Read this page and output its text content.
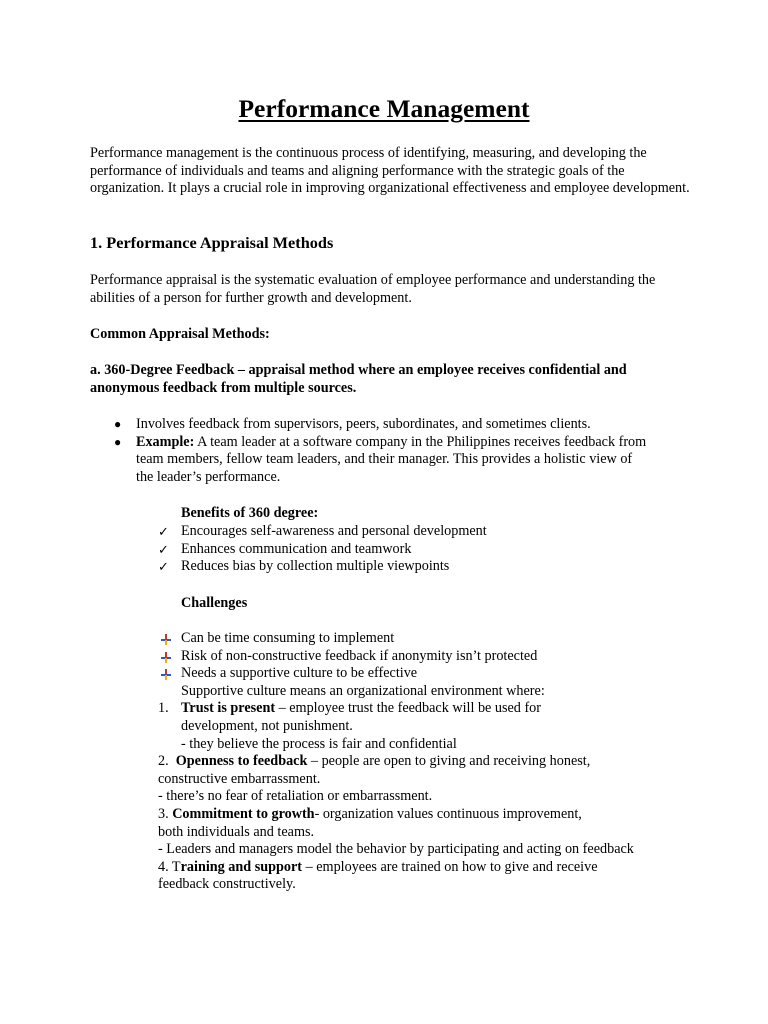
Performance Management
Performance management is the continuous process of identifying, measuring, and developing the performance of individuals and teams and aligning performance with the strategic goals of the organization. It plays a crucial role in improving organizational effectiveness and employee development.
1. Performance Appraisal Methods
Performance appraisal is the systematic evaluation of employee performance and understanding the abilities of a person for further growth and development.
Common Appraisal Methods:
a. 360-Degree Feedback – appraisal method where an employee receives confidential and anonymous feedback from multiple sources.
● Involves feedback from supervisors, peers, subordinates, and sometimes clients.
● Example: A team leader at a software company in the Philippines receives feedback from team members, fellow team leaders, and their manager. This provides a holistic view of the leader’s performance.
Benefits of 360 degree:
✓ Encourages self-awareness and personal development
✓ Enhances communication and teamwork
✓ Reduces bias by collection multiple viewpoints
Challenges
Can be time consuming to implement
Risk of non-constructive feedback if anonymity isn’t protected
Needs a supportive culture to be effective
Supportive culture means an organizational environment where:
1. Trust is present – employee trust the feedback will be used for development, not punishment.
- they believe the process is fair and confidential
2. Openness to feedback – people are open to giving and receiving honest, constructive embarrassment.
- there’s no fear of retaliation or embarrassment.
3. Commitment to growth- organization values continuous improvement, both individuals and teams.
- Leaders and managers model the behavior by participating and acting on feedback
4. Training and support – employees are trained on how to give and receive feedback constructively.
